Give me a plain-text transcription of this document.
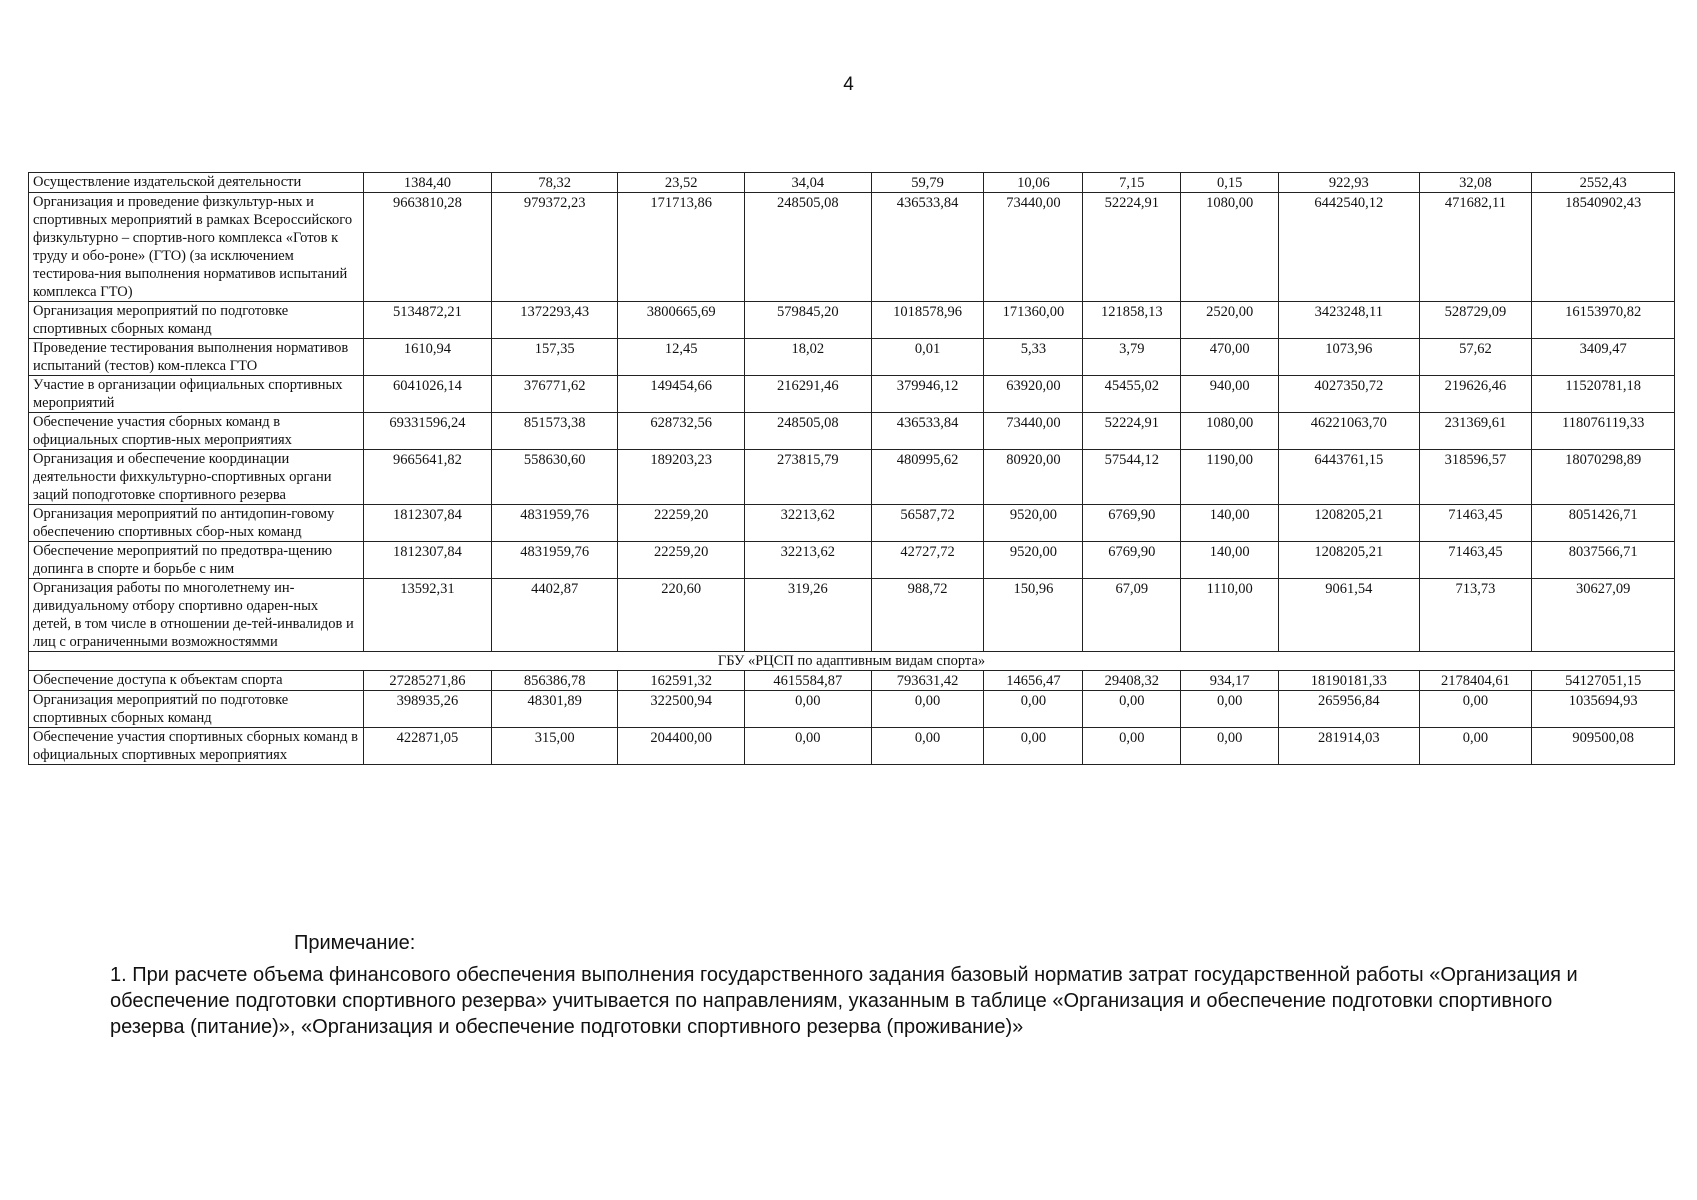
4
Осуществление издательской деятельности	1384,40	78,32	23,52	34,04	59,79	10,06	7,15	0,15	922,93	32,08	2552,43
Организация и проведение физкультур-ных и спортивных мероприятий в рамках Всероссийского физкультурно – спортив-ного комплекса «Готов к труду и обо-роне» (ГТО) (за исключением тестирова-ния выполнения нормативов испытаний комплекса ГТО)	9663810,28	979372,23	171713,86	248505,08	436533,84	73440,00	52224,91	1080,00	6442540,12	471682,11	18540902,43
Организация мероприятий по подготовке спортивных сборных команд	5134872,21	1372293,43	3800665,69	579845,20	1018578,96	171360,00	121858,13	2520,00	3423248,11	528729,09	16153970,82
Проведение тестирования выполнения нормативов испытаний (тестов) ком-плекса ГТО	1610,94	157,35	12,45	18,02	0,01	5,33	3,79	470,00	1073,96	57,62	3409,47
Участие в организации официальных спортивных мероприятий	6041026,14	376771,62	149454,66	216291,46	379946,12	63920,00	45455,02	940,00	4027350,72	219626,46	11520781,18
Обеспечение участия сборных команд в официальных спортив-ных мероприятиях	69331596,24	851573,38	628732,56	248505,08	436533,84	73440,00	52224,91	1080,00	46221063,70	231369,61	118076119,33
Организация и обеспечение координации деятельности фихкультурно-спортивных органи заций поподготовке спортивного резерва	9665641,82	558630,60	189203,23	273815,79	480995,62	80920,00	57544,12	1190,00	6443761,15	318596,57	18070298,89
Организация мероприятий по антидопин-говому обеспечению спортивных сбор-ных команд	1812307,84	4831959,76	22259,20	32213,62	56587,72	9520,00	6769,90	140,00	1208205,21	71463,45	8051426,71
Обеспечение мероприятий по предотвра-щению допинга в спорте и борьбе с ним	1812307,84	4831959,76	22259,20	32213,62	42727,72	9520,00	6769,90	140,00	1208205,21	71463,45	8037566,71
Организация работы по многолетнему ин-дивидуальному отбору спортивно одарен-ных детей, в том числе в отношении де-тей-инвалидов и лиц с ограниченными возможностямми	13592,31	4402,87	220,60	319,26	988,72	150,96	67,09	1110,00	9061,54	713,73	30627,09
ГБУ «РЦСП по адаптивным видам спорта»											
Обеспечение доступа к объектам спорта	27285271,86	856386,78	162591,32	4615584,87	793631,42	14656,47	29408,32	934,17	18190181,33	2178404,61	54127051,15
Организация мероприятий по подготовке спортивных сборных команд	398935,26	48301,89	322500,94	0,00	0,00	0,00	0,00	0,00	265956,84	0,00	1035694,93
Обеспечение участия спортивных сборных команд в официальных спортивных мероприятиях	422871,05	315,00	204400,00	0,00	0,00	0,00	0,00	0,00	281914,03	0,00	909500,08
Примечание:

1. При расчете объема финансового обеспечения выполнения государственного задания базовый норматив затрат государственной работы «Организация и обеспечение подготовки спортивного резерва» учитывается по направлениям, указанным в таблице «Организация и обеспечение подготовки спортивного резерва (питание)», «Организация и обеспечение подготовки спортивного резерва (проживание)»
